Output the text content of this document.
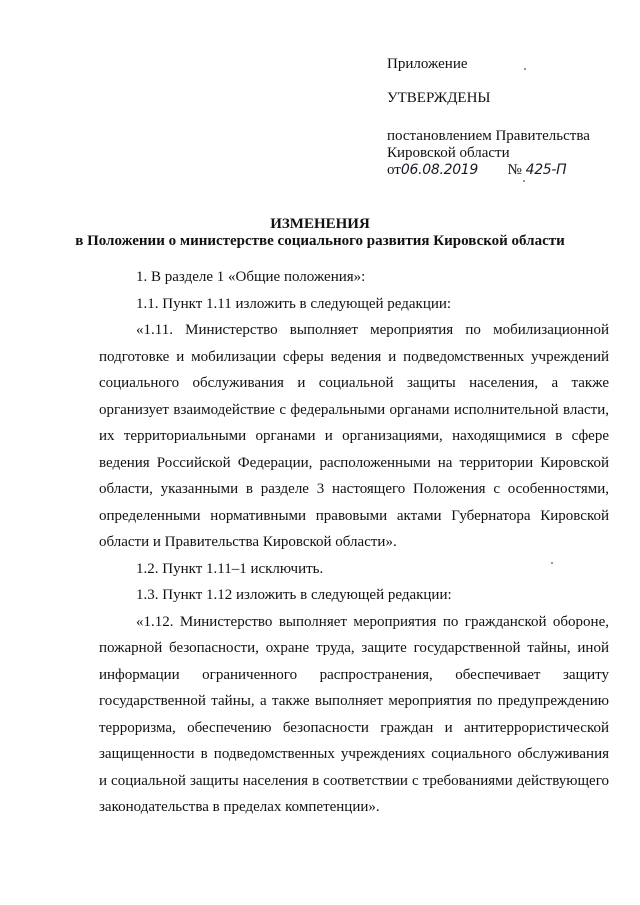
Приложение
УТВЕРЖДЕНЫ
постановлением Правительства
Кировской области
от06.08.2019 № 425-П
ИЗМЕНЕНИЯ
в Положении о министерстве социального развития Кировской области

1. В разделе 1 «Общие положения»:

1.1. Пункт 1.11 изложить в следующей редакции:

«1.11. Министерство выполняет мероприятия по мобилизационной подготовке и мобилизации сферы ведения и подведомственных учреждений социального обслуживания и социальной защиты населения, а также организует взаимодействие с федеральными органами исполнительной власти, их территориальными органами и организациями, находящимися в сфере ведения Российской Федерации, расположенными на территории Кировской области, указанными в разделе 3 настоящего Положения с особенностями, определенными нормативными правовыми актами Губернатора Кировской области и Правительства Кировской области».

1.2. Пункт 1.11–1 исключить.

1.3. Пункт 1.12 изложить в следующей редакции:

«1.12. Министерство выполняет мероприятия по гражданской обороне, пожарной безопасности, охране труда, защите государственной тайны, иной информации ограниченного распространения, обеспечивает защиту государственной тайны, а также выполняет мероприятия по предупреждению терроризма, обеспечению безопасности граждан и антитеррористической защищенности в подведомственных учреждениях социального обслуживания и социальной защиты населения в соответствии с требованиями действующего законодательства в пределах компетенции».
